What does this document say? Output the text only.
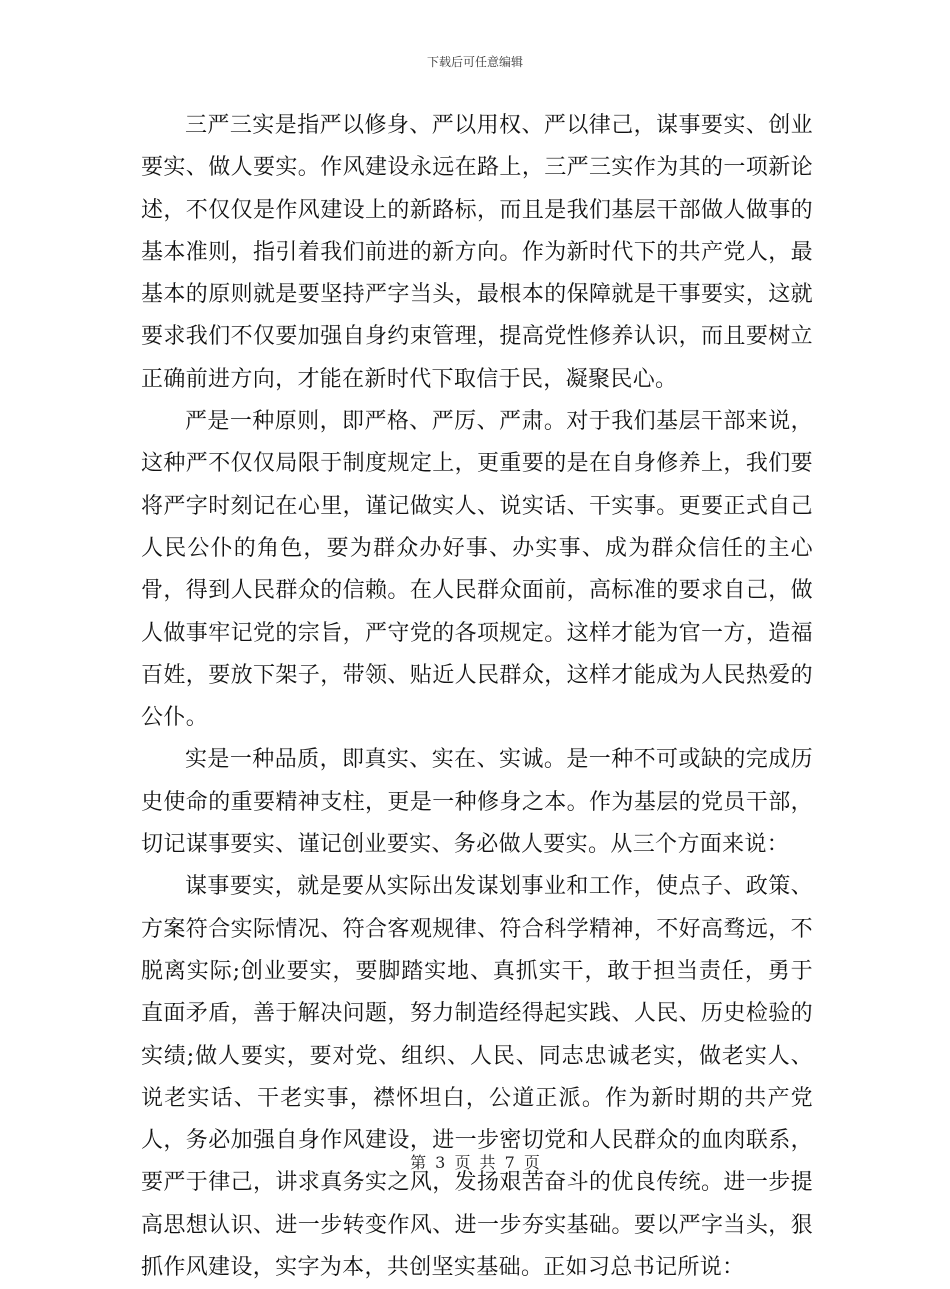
下载后可任意编辑

三严三实是指严以修身、严以用权、严以律己，谋事要实、创业要实、做人要实。作风建设永远在路上，三严三实作为其的一项新论述，不仅仅是作风建设上的新路标，而且是我们基层干部做人做事的基本准则，指引着我们前进的新方向。作为新时代下的共产党人，最基本的原则就是要坚持严字当头，最根本的保障就是干事要实，这就要求我们不仅要加强自身约束管理，提高党性修养认识，而且要树立正确前进方向，才能在新时代下取信于民，凝聚民心。

严是一种原则，即严格、严厉、严肃。对于我们基层干部来说，这种严不仅仅局限于制度规定上，更重要的是在自身修养上，我们要将严字时刻记在心里，谨记做实人、说实话、干实事。更要正式自己人民公仆的角色，要为群众办好事、办实事、成为群众信任的主心骨，得到人民群众的信赖。在人民群众面前，高标准的要求自己，做人做事牢记党的宗旨，严守党的各项规定。这样才能为官一方，造福百姓，要放下架子，带领、贴近人民群众，这样才能成为人民热爱的公仆。

实是一种品质，即真实、实在、实诚。是一种不可或缺的完成历史使命的重要精神支柱，更是一种修身之本。作为基层的党员干部，切记谋事要实、谨记创业要实、务必做人要实。从三个方面来说：

谋事要实，就是要从实际出发谋划事业和工作，使点子、政策、方案符合实际情况、符合客观规律、符合科学精神，不好高骛远，不脱离实际;创业要实，要脚踏实地、真抓实干，敢于担当责任，勇于直面矛盾，善于解决问题，努力制造经得起实践、人民、历史检验的实绩;做人要实，要对党、组织、人民、同志忠诚老实，做老实人、说老实话、干老实事，襟怀坦白，公道正派。作为新时期的共产党人，务必加强自身作风建设，进一步密切党和人民群众的血肉联系，要严于律己，讲求真务实之风，发扬艰苦奋斗的优良传统。进一步提高思想认识、进一步转变作风、进一步夯实基础。要以严字当头，狠抓作风建设，实字为本，共创坚实基础。正如习总书记所说：

第 3 页 共 7 页
